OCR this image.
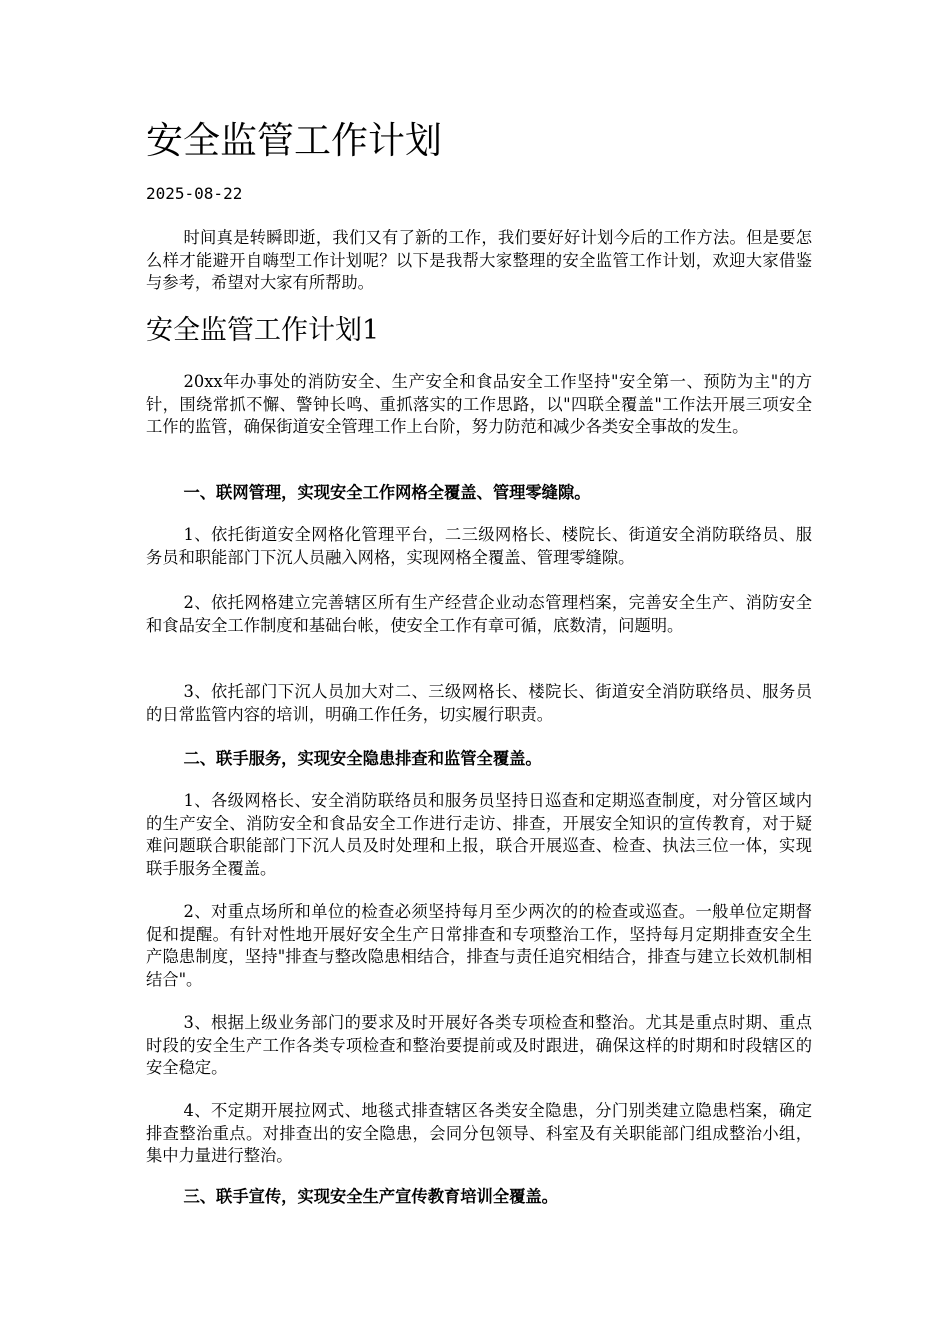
安全监管工作计划
2025-08-22

时间真是转瞬即逝，我们又有了新的工作，我们要好好计划今后的工作方法。但是要怎么样才能避开自嗨型工作计划呢？以下是我帮大家整理的安全监管工作计划，欢迎大家借鉴与参考，希望对大家有所帮助。

安全监管工作计划1

20xx年办事处的消防安全、生产安全和食品安全工作坚持"安全第一、预防为主"的方针，围绕常抓不懈、警钟长鸣、重抓落实的工作思路，以"四联全覆盖"工作法开展三项安全工作的监管，确保街道安全管理工作上台阶，努力防范和减少各类安全事故的发生。

一、联网管理，实现安全工作网格全覆盖、管理零缝隙。

1、依托街道安全网格化管理平台，二三级网格长、楼院长、街道安全消防联络员、服务员和职能部门下沉人员融入网格，实现网格全覆盖、管理零缝隙。

2、依托网格建立完善辖区所有生产经营企业动态管理档案，完善安全生产、消防安全和食品安全工作制度和基础台帐，使安全工作有章可循，底数清，问题明。

3、依托部门下沉人员加大对二、三级网格长、楼院长、街道安全消防联络员、服务员的日常监管内容的培训，明确工作任务，切实履行职责。

二、联手服务，实现安全隐患排查和监管全覆盖。

1、各级网格长、安全消防联络员和服务员坚持日巡查和定期巡查制度，对分管区域内的生产安全、消防安全和食品安全工作进行走访、排查，开展安全知识的宣传教育，对于疑难问题联合职能部门下沉人员及时处理和上报，联合开展巡查、检查、执法三位一体，实现联手服务全覆盖。

2、对重点场所和单位的检查必须坚持每月至少两次的的检查或巡查。一般单位定期督促和提醒。有针对性地开展好安全生产日常排查和专项整治工作，坚持每月定期排查安全生产隐患制度，坚持"排查与整改隐患相结合，排查与责任追究相结合，排查与建立长效机制相结合"。

3、根据上级业务部门的要求及时开展好各类专项检查和整治。尤其是重点时期、重点时段的安全生产工作各类专项检查和整治要提前或及时跟进，确保这样的时期和时段辖区的安全稳定。

4、不定期开展拉网式、地毯式排查辖区各类安全隐患，分门别类建立隐患档案，确定排查整治重点。对排查出的安全隐患，会同分包领导、科室及有关职能部门组成整治小组，集中力量进行整治。

三、联手宣传，实现安全生产宣传教育培训全覆盖。
